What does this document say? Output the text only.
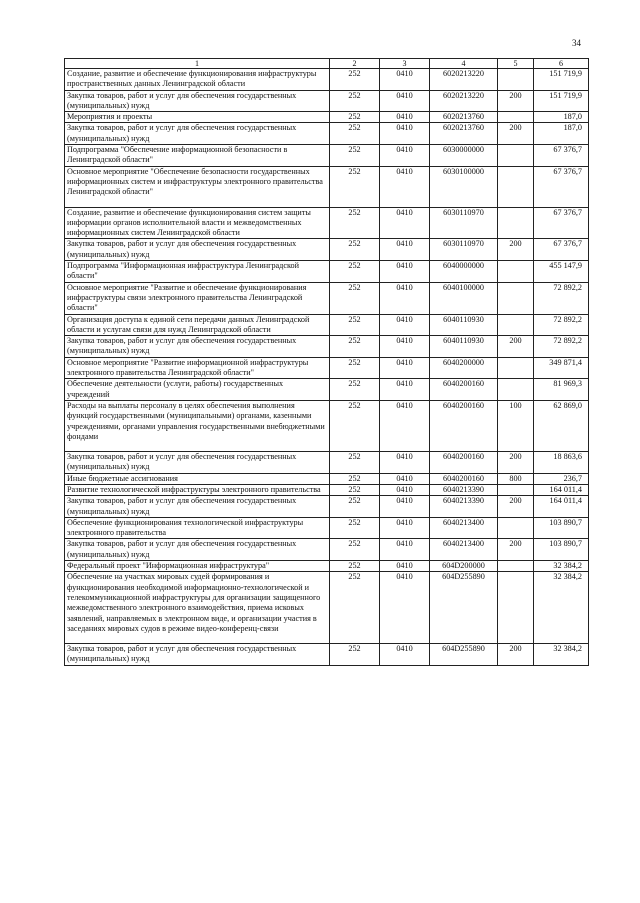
34
1	2	3	4	5	6
Создание, развитие и обеспечение функционирования инфраструктуры пространственных данных Ленинградской области	252	0410	6020213220		151 719,9
Закупка товаров, работ и услуг для обеспечения государственных (муниципальных) нужд	252	0410	6020213220	200	151 719,9
Мероприятия и проекты	252	0410	6020213760		187,0
Закупка товаров, работ и услуг для обеспечения государственных (муниципальных) нужд	252	0410	6020213760	200	187,0
Подпрограмма "Обеспечение информационной безопасности в Ленинградской области"	252	0410	6030000000		67 376,7
Основное мероприятие "Обеспечение безопасности государственных информационных систем и инфраструктуры электронного правительства Ленинградской области"	252	0410	6030100000		67 376,7
Создание, развитие и обеспечение функционирования систем защиты информации органов исполнительной власти и межведомственных информационных систем Ленинградской области	252	0410	6030110970		67 376,7
Закупка товаров, работ и услуг для обеспечения государственных (муниципальных) нужд	252	0410	6030110970	200	67 376,7
Подпрограмма "Информационная инфраструктура Ленинградской области"	252	0410	6040000000		455 147,9
Основное мероприятие "Развитие и обеспечение функционирования инфраструктуры связи электронного правительства Ленинградской области"	252	0410	6040100000		72 892,2
Организация доступа к единой сети передачи данных Ленинградской области и услугам связи для нужд Ленинградской области	252	0410	6040110930		72 892,2
Закупка товаров, работ и услуг для обеспечения государственных (муниципальных) нужд	252	0410	6040110930	200	72 892,2
Основное мероприятие "Развитие информационной инфраструктуры электронного правительства Ленинградской области"	252	0410	6040200000		349 871,4
Обеспечение деятельности (услуги, работы) государственных учреждений	252	0410	6040200160		81 969,3
Расходы на выплаты персоналу в целях обеспечения выполнения функций государственными (муниципальными) органами, казенными учреждениями, органами управления государственными внебюджетными фондами	252	0410	6040200160	100	62 869,0
Закупка товаров, работ и услуг для обеспечения государственных (муниципальных) нужд	252	0410	6040200160	200	18 863,6
Иные бюджетные ассигнования	252	0410	6040200160	800	236,7
Развитие технологической инфраструктуры электронного правительства	252	0410	6040213390		164 011,4
Закупка товаров, работ и услуг для обеспечения государственных (муниципальных) нужд	252	0410	6040213390	200	164 011,4
Обеспечение функционирования технологической инфраструктуры электронного правительства	252	0410	6040213400		103 890,7
Закупка товаров, работ и услуг для обеспечения государственных (муниципальных) нужд	252	0410	6040213400	200	103 890,7
Федеральный проект "Информационная инфраструктура"	252	0410	604D200000		32 384,2
Обеспечение на участках мировых судей формирования и функционирования необходимой информационно-технологической и телекоммуникационной инфраструктуры для организации защищенного межведомственного электронного взаимодействия, приема исковых заявлений, направляемых в электронном виде, и организации участия в заседаниях мировых судов в режиме видео-конференц-связи	252	0410	604D255890		32 384,2
Закупка товаров, работ и услуг для обеспечения государственных (муниципальных) нужд	252	0410	604D255890	200	32 384,2
